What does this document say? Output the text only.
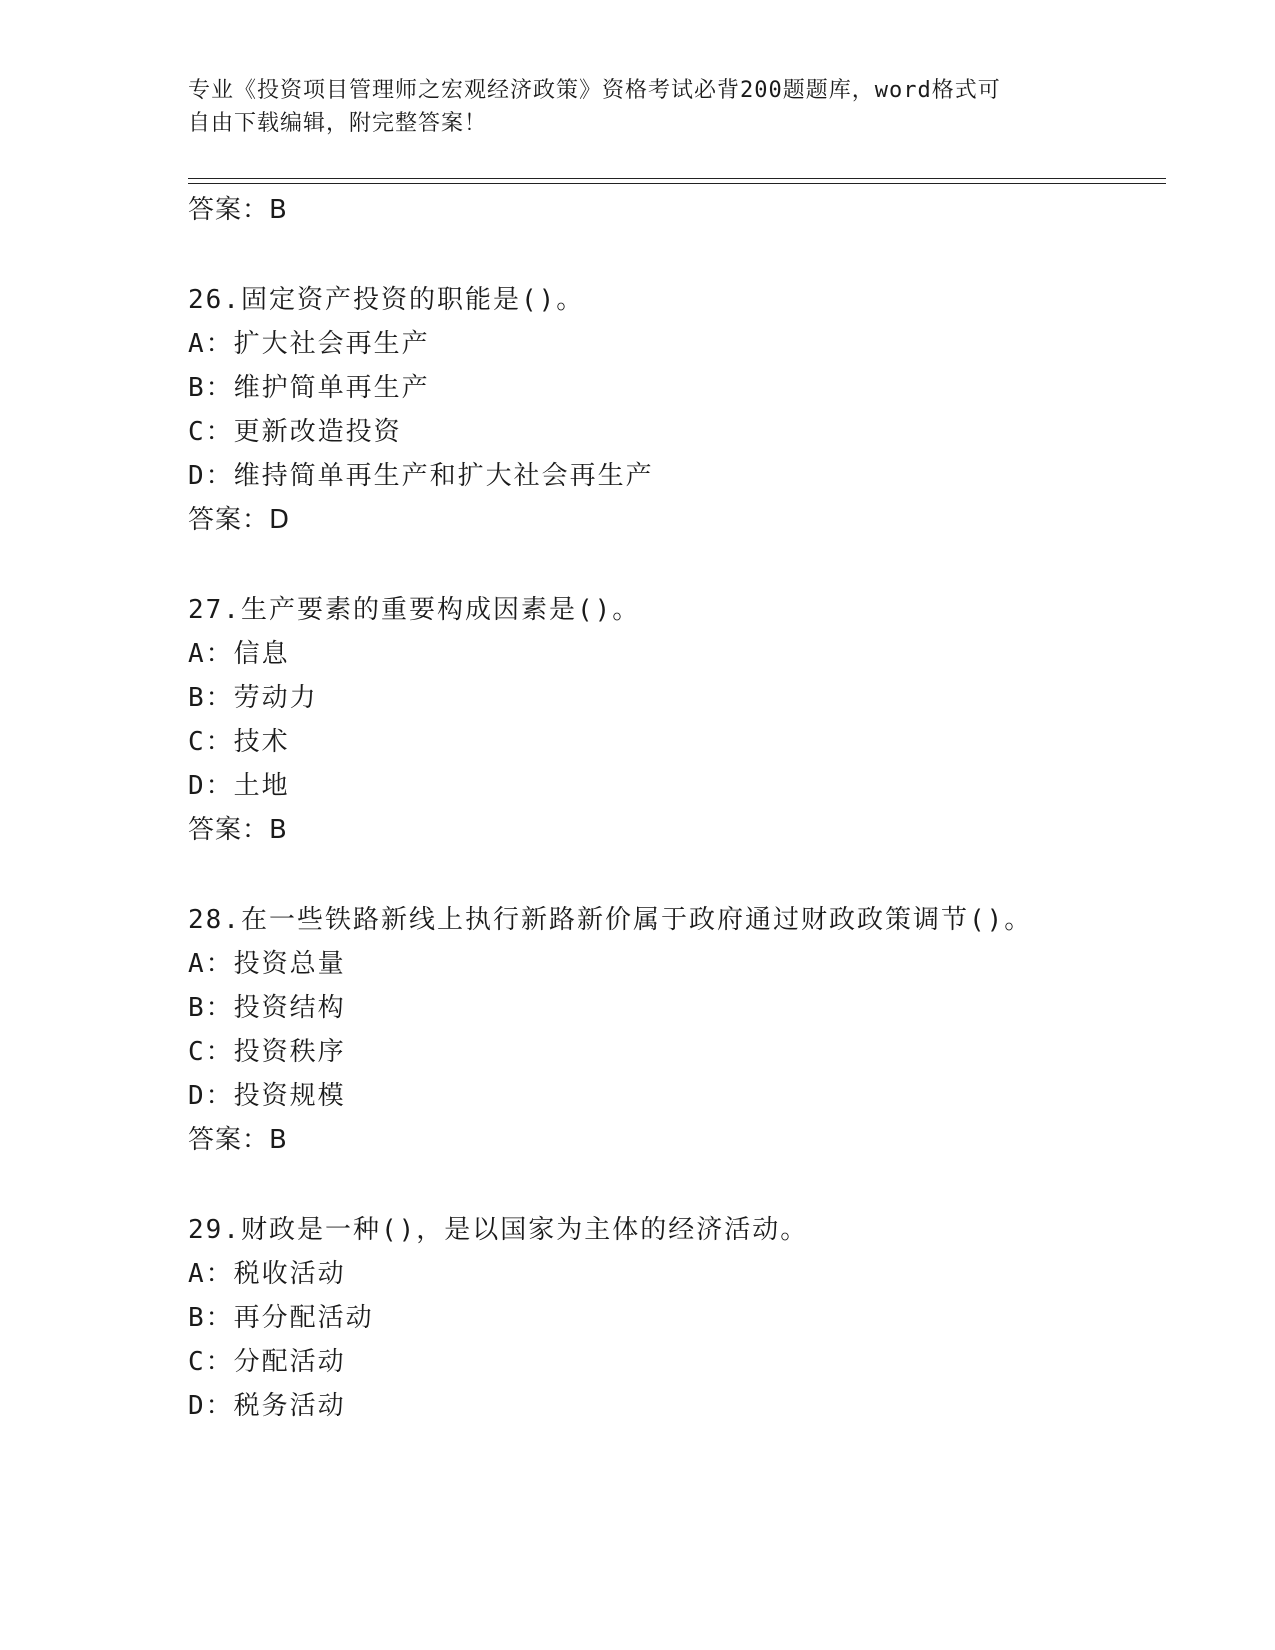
专业《投资项目管理师之宏观经济政策》资格考试必背200题题库，word格式可
自由下载编辑，附完整答案！
答案：B
26.固定资产投资的职能是()。
A：扩大社会再生产
B：维护简单再生产
C：更新改造投资
D：维持简单再生产和扩大社会再生产
答案：D
27.生产要素的重要构成因素是()。
A：信息
B：劳动力
C：技术
D：土地
答案：B
28.在一些铁路新线上执行新路新价属于政府通过财政政策调节()。
A：投资总量
B：投资结构
C：投资秩序
D：投资规模
答案：B
29.财政是一种()，是以国家为主体的经济活动。
A：税收活动
B：再分配活动
C：分配活动
D：税务活动
